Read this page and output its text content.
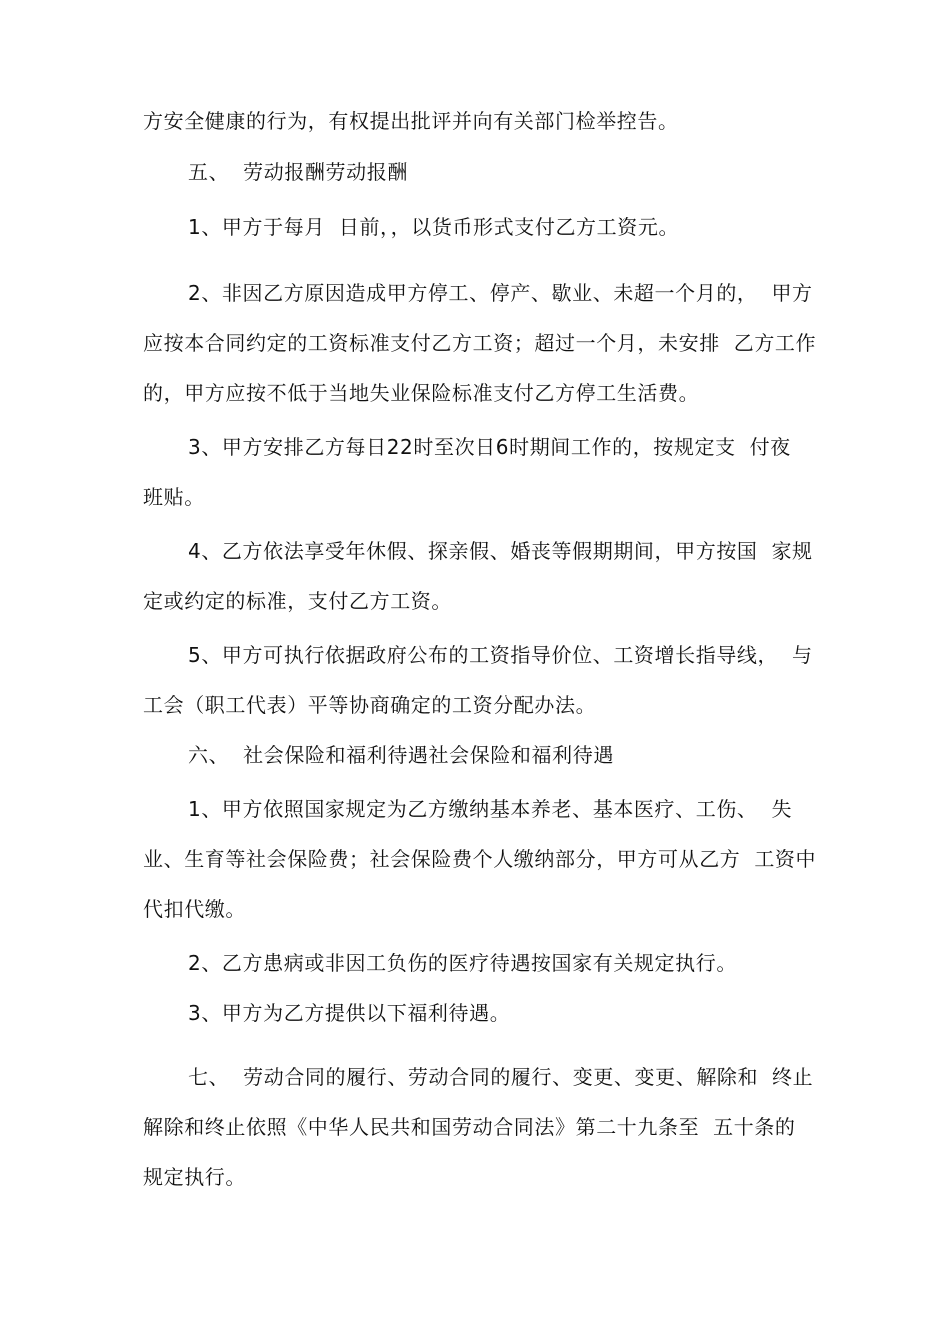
方安全健康的行为，有权提出批评并向有关部门检举控告。
五、  劳动报酬劳动报酬
1、甲方于每月  日前，，以货币形式支付乙方工资元。
2、非因乙方原因造成甲方停工、停产、歇业、未超一个月的，  甲方
应按本合同约定的工资标准支付乙方工资；超过一个月，未安排  乙方工作
的，甲方应按不低于当地失业保险标准支付乙方停工生活费。
3、甲方安排乙方每日22时至次日6时期间工作的，按规定支  付夜
班贴。
4、乙方依法享受年休假、探亲假、婚丧等假期期间，甲方按国  家规
定或约定的标准，支付乙方工资。
5、甲方可执行依据政府公布的工资指导价位、工资增长指导线，  与
工会（职工代表）平等协商确定的工资分配办法。
六、  社会保险和福利待遇社会保险和福利待遇
1、甲方依照国家规定为乙方缴纳基本养老、基本医疗、工伤、  失
业、生育等社会保险费；社会保险费个人缴纳部分，甲方可从乙方  工资中
代扣代缴。
2、乙方患病或非因工负伤的医疗待遇按国家有关规定执行。
3、甲方为乙方提供以下福利待遇。
七、  劳动合同的履行、劳动合同的履行、变更、变更、解除和  终止
解除和终止依照《中华人民共和国劳动合同法》第二十九条至  五十条的
规定执行。
